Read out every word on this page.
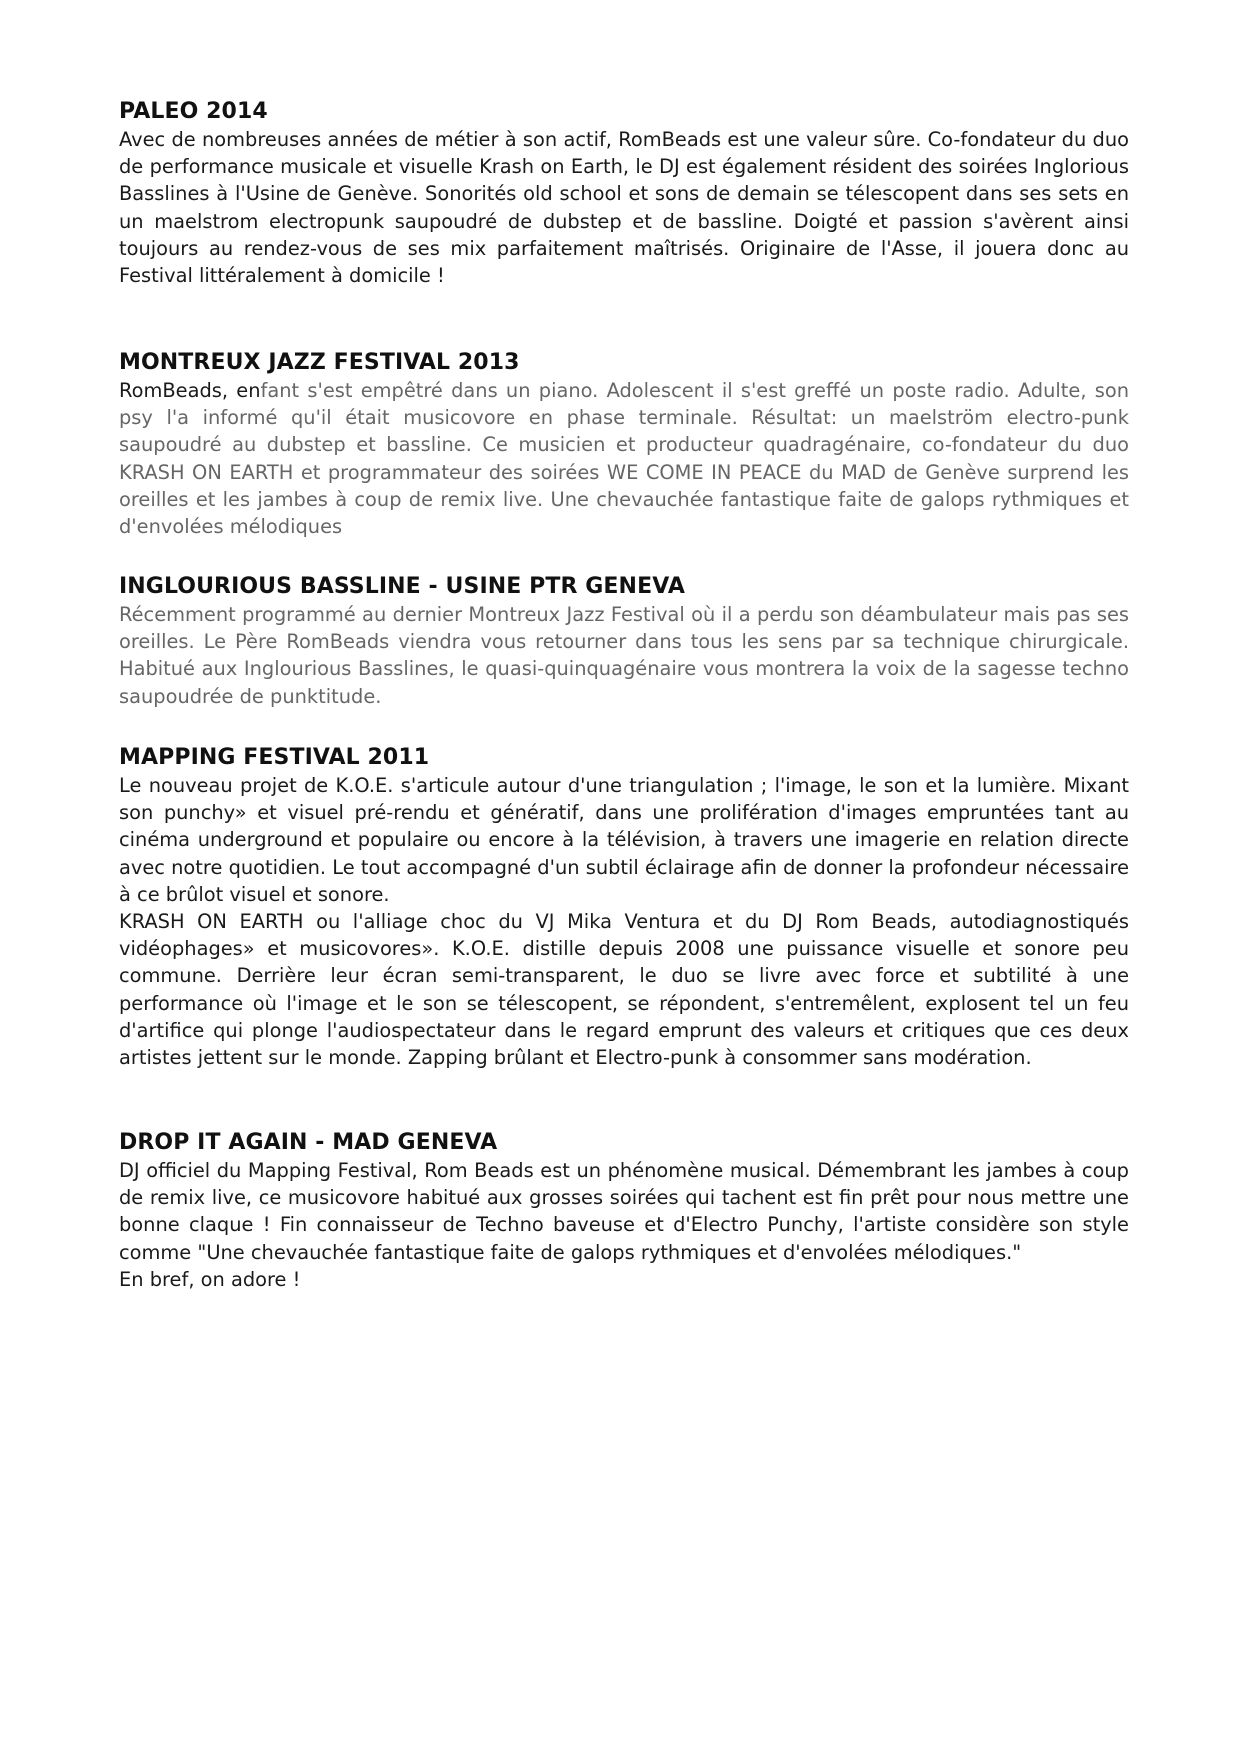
PALEO 2014

Avec de nombreuses années de métier à son actif, RomBeads est une valeur sûre. Co-fondateur du duo de performance musicale et visuelle Krash on Earth, le DJ est également résident des soirées Inglorious Basslines à l'Usine de Genève. Sonorités old school et sons de demain se télescopent dans ses sets en un maelstrom electropunk saupoudré de dubstep et de bassline. Doigté et passion s'avèrent ainsi toujours au rendez-vous de ses mix parfaitement maîtrisés. Originaire de l'Asse, il jouera donc au Festival littéralement à domicile !

MONTREUX JAZZ FESTIVAL 2013

RomBeads, enfant s'est empêtré dans un piano. Adolescent il s'est greffé un poste radio. Adulte, son psy l'a informé qu'il était musicovore en phase terminale. Résultat: un maelström electro-punk saupoudré au dubstep et bassline. Ce musicien et producteur quadragénaire, co-fondateur du duo KRASH ON EARTH et programmateur des soirées WE COME IN PEACE du MAD de Genève surprend les oreilles et les jambes à coup de remix live. Une chevauchée fantastique faite de galops rythmiques et d'envolées mélodiques

INGLOURIOUS BASSLINE - USINE PTR GENEVA

Récemment programmé au dernier Montreux Jazz Festival où il a perdu son déambulateur mais pas ses oreilles. Le Père RomBeads viendra vous retourner dans tous les sens par sa technique chirurgicale. Habitué aux Inglourious Basslines, le quasi-quinquagénaire vous montrera la voix de la sagesse techno saupoudrée de punktitude.

MAPPING FESTIVAL 2011

Le nouveau projet de K.O.E. s'articule autour d'une triangulation ; l'image, le son et la lumière. Mixant son punchy» et visuel pré-rendu et génératif, dans une prolifération d'images empruntées tant au cinéma underground et populaire ou encore à la télévision, à travers une imagerie en relation directe avec notre quotidien. Le tout accompagné d'un subtil éclairage afin de donner la profondeur nécessaire à ce brûlot visuel et sonore.

KRASH ON EARTH ou l'alliage choc du VJ Mika Ventura et du DJ Rom Beads, autodiagnostiqués vidéophages» et musicovores». K.O.E. distille depuis 2008 une puissance visuelle et sonore peu commune. Derrière leur écran semi-transparent, le duo se livre avec force et subtilité à une performance où l'image et le son se télescopent, se répondent, s'entremêlent, explosent tel un feu d'artifice qui plonge l'audiospectateur dans le regard emprunt des valeurs et critiques que ces deux artistes jettent sur le monde. Zapping brûlant et Electro-punk à consommer sans modération.

DROP IT AGAIN - MAD GENEVA

DJ officiel du Mapping Festival, Rom Beads est un phénomène musical. Démembrant les jambes à coup de remix live, ce musicovore habitué aux grosses soirées qui tachent est fin prêt pour nous mettre une bonne claque ! Fin connaisseur de Techno baveuse et d'Electro Punchy, l'artiste considère son style comme "Une chevauchée fantastique faite de galops rythmiques et d'envolées mélodiques."

En bref, on adore !
